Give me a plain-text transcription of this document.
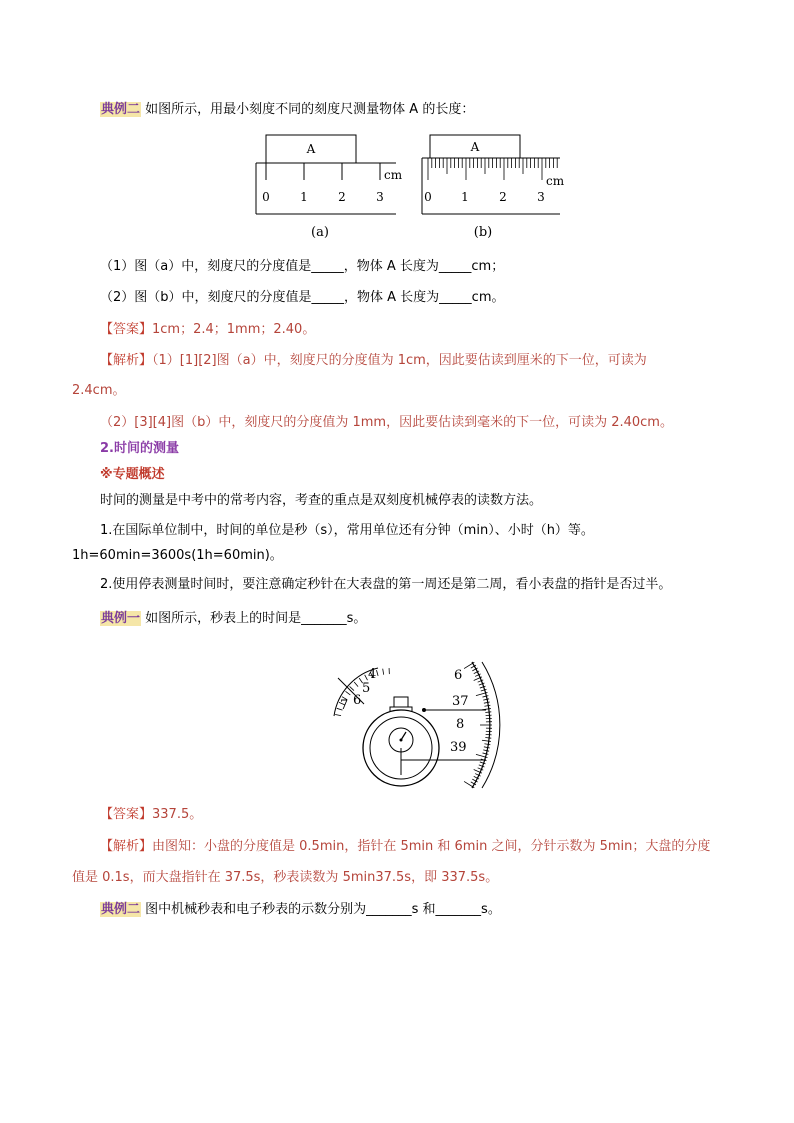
典例二 如图所示，用最小刻度不同的刻度尺测量物体 A 的长度：
A
0	1	2	3
cm
(a)
A
0 1	2	3
cm
(b)
（1）图（a）中，刻度尺的分度值是_____，物体 A 长度为_____cm；
（2）图（b）中，刻度尺的分度值是_____，物体 A 长度为_____cm。
【答案】1cm；2.4；1mm；2.40。
【解析】（1）[1][2]图（a）中，刻度尺的分度值为 1cm，因此要估读到厘米的下一位，可读为
2.4cm。
（2）[3][4]图（b）中，刻度尺的分度值为 1mm，因此要估读到毫米的下一位，可读为 2.40cm。
2.时间的测量
※专题概述
时间的测量是中考中的常考内容，考查的重点是双刻度机械停表的读数方法。
1.在国际单位制中，时间的单位是秒（s），常用单位还有分钟（min）、小时（h）等。
1h=60min=3600s(1h=60min)。
2.使用停表测量时间时，要注意确定秒针在大表盘的第一周还是第二周，看小表盘的指针是否过半。
典例一 如图所示，秒表上的时间是_______s。
4
5
6
7
6
37
8
39
【答案】337.5。
【解析】由图知：小盘的分度值是 0.5min，指针在 5min 和 6min 之间，分针示数为 5min；大盘的分度
值是 0.1s，而大盘指针在 37.5s，秒表读数为 5min37.5s，即 337.5s。
典例二 图中机械秒表和电子秒表的示数分别为_______s 和_______s。
